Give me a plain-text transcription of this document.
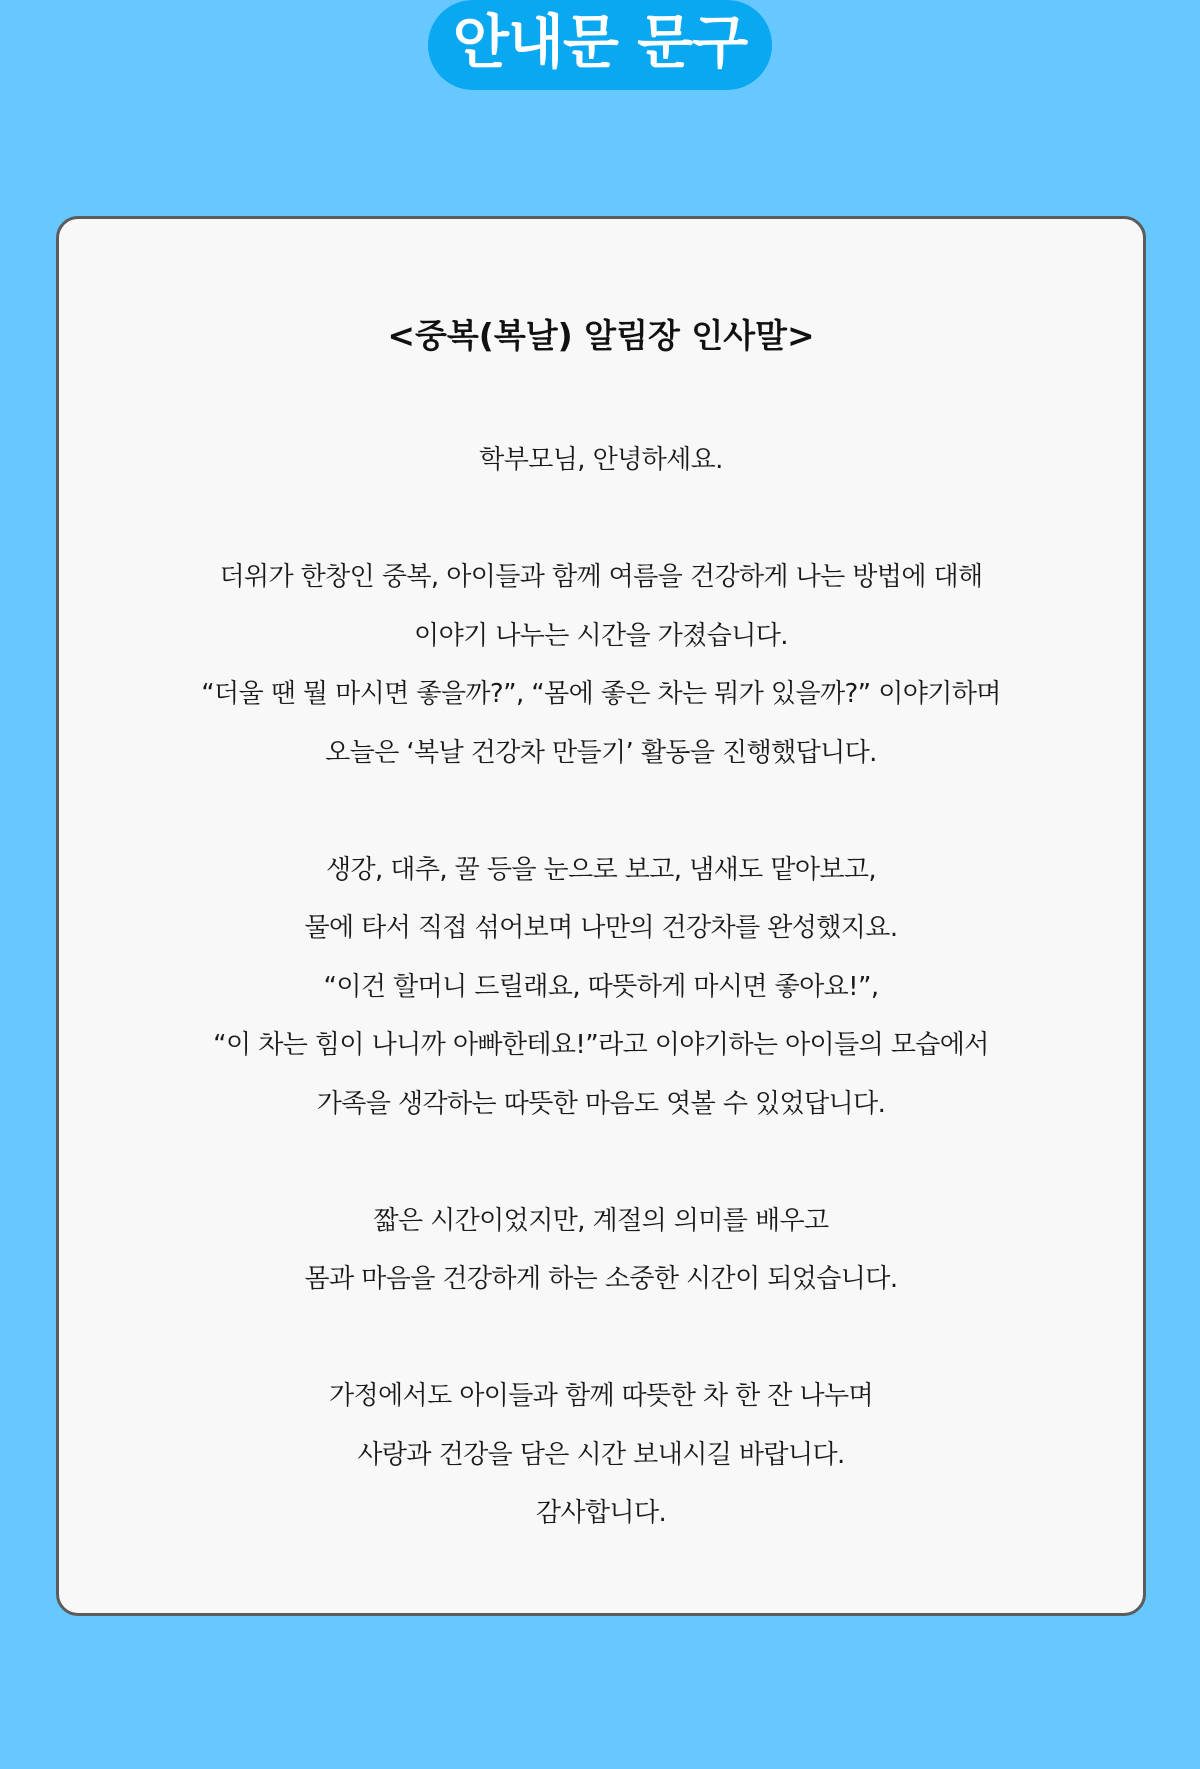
안내문 문구
<중복(복날) 알림장 인사말>
학부모님, 안녕하세요.
더위가 한창인 중복, 아이들과 함께 여름을 건강하게 나는 방법에 대해
이야기 나누는 시간을 가졌습니다.
“더울 땐 뭘 마시면 좋을까?”, “몸에 좋은 차는 뭐가 있을까?” 이야기하며
오늘은 ‘복날 건강차 만들기’ 활동을 진행했답니다.
생강, 대추, 꿀 등을 눈으로 보고, 냄새도 맡아보고,
물에 타서 직접 섞어보며 나만의 건강차를 완성했지요.
“이건 할머니 드릴래요, 따뜻하게 마시면 좋아요!”,
“이 차는 힘이 나니까 아빠한테요!”라고 이야기하는 아이들의 모습에서
가족을 생각하는 따뜻한 마음도 엿볼 수 있었답니다.
짧은 시간이었지만, 계절의 의미를 배우고
몸과 마음을 건강하게 하는 소중한 시간이 되었습니다.
가정에서도 아이들과 함께 따뜻한 차 한 잔 나누며
사랑과 건강을 담은 시간 보내시길 바랍니다.
감사합니다.
